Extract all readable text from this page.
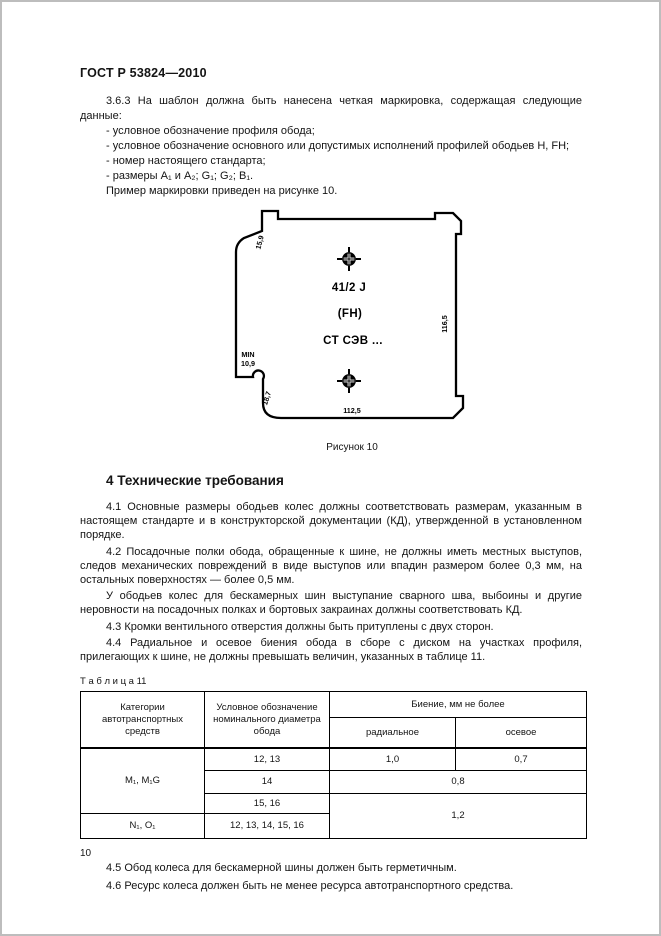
ГОСТ Р 53824—2010

3.6.3 На шаблон должна быть нанесена четкая маркировка, содержащая следующие данные:

- условное обозначение профиля обода;

- условное обозначение основного или допустимых исполнений профилей ободьев H, FH;

- номер настоящего стандарта;

- размеры A₁ и A₂; G₁; G₂; B₁.

Пример маркировки приведен на рисунке 10.

41/2 J
(FH)
СТ СЭВ ...
15,9
116,5
MIN
10,9
18,7
112,5
Рисунок 10
4 Технические требования

4.1 Основные размеры ободьев колес должны соответствовать размерам, указанным в настоящем стандарте и в конструкторской документации (КД), утвержденной в установленном порядке.

4.2 Посадочные полки обода, обращенные к шине, не должны иметь местных выступов, следов механических повреждений в виде выступов или впадин размером более 0,3 мм, на остальных поверхностях — более 0,5 мм.

У ободьев колес для бескамерных шин выступание сварного шва, выбоины и другие неровности на посадочных полках и бортовых закраинах должны соответствовать КД.

4.3 Кромки вентильного отверстия должны быть притуплены с двух сторон.

4.4 Радиальное и осевое биения обода в сборе с диском на участках профиля, прилегающих к шине, не должны превышать величин, указанных в таблице 11.

Т а б л и ц а 11
Категории автотранспортных средств	Условное обозначение номинального диаметра обода	Биение, мм не более	
		радиальное	осевое
M₁, M₁G	12, 13	1,0	0,7
	14	0,8	
	15, 16	1,2	
N₁, O₁	12, 13, 14, 15, 16		

4.5 Обод колеса для бескамерной шины должен быть герметичным.

4.6 Ресурс колеса должен быть не менее ресурса автотранспортного средства.

10
